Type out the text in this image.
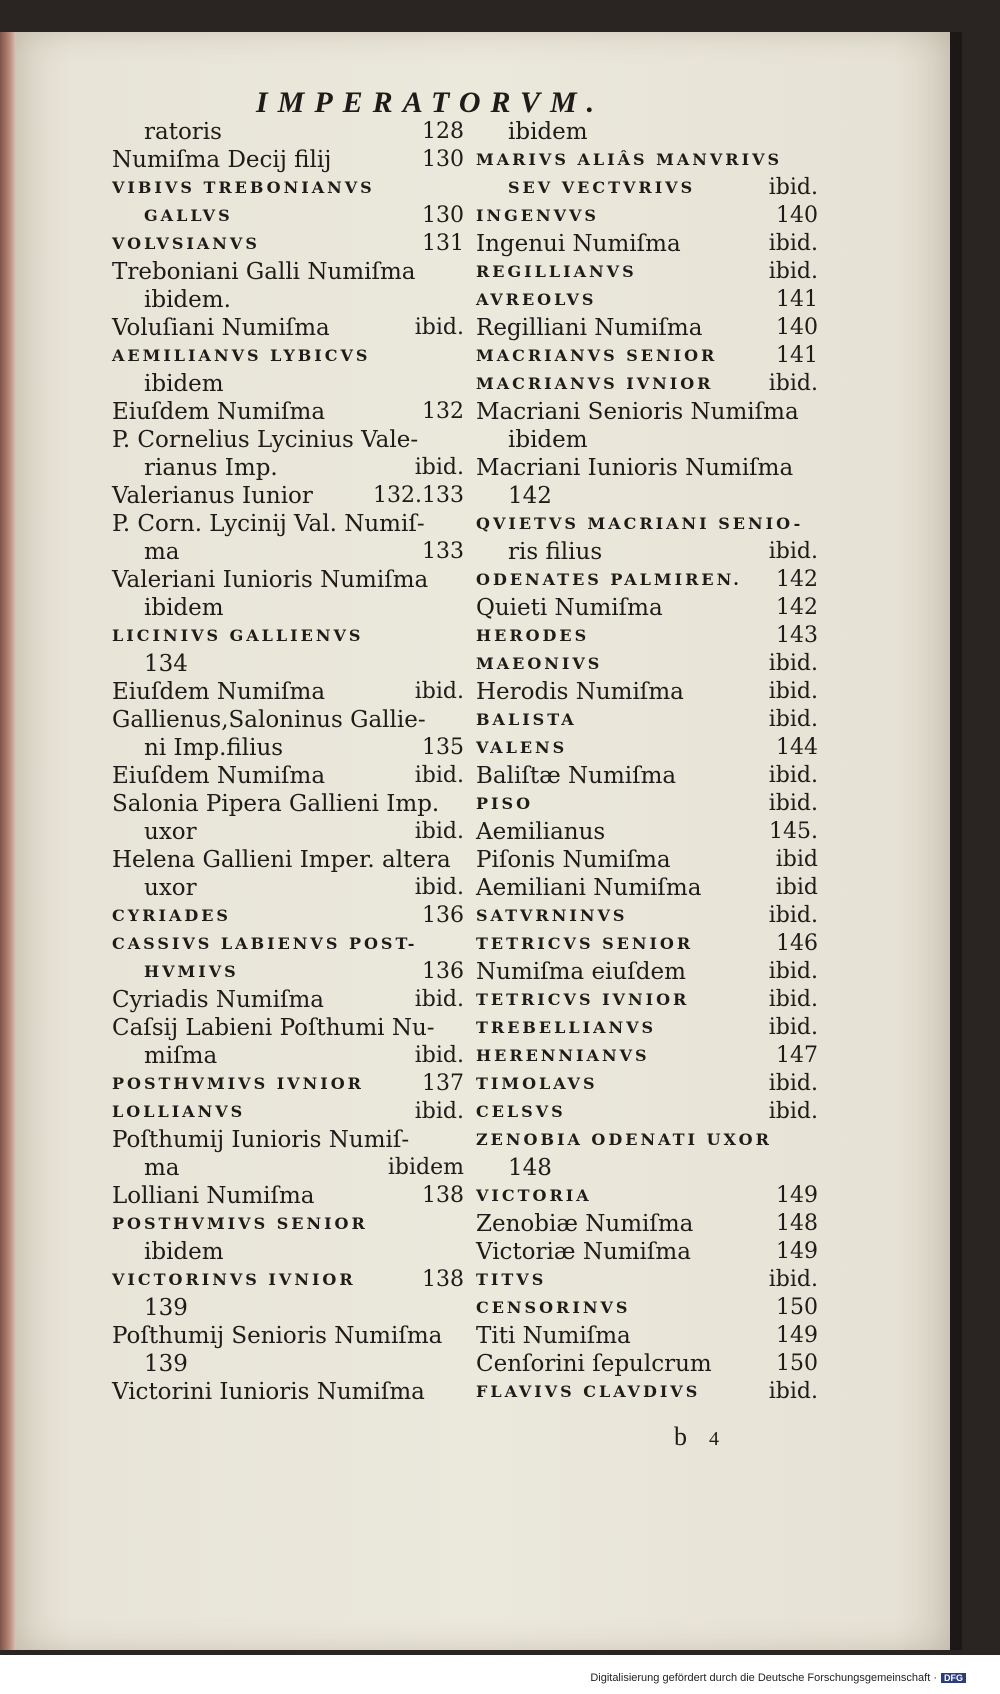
IMPERATORVM.
ratoris	128
Numiſma Decij filij	130
VIBIVS TREBONIANVS
GALLVS	130
VOLVSIANVS	131
Treboniani Galli Numiſma
ibidem.
Voluſiani Numiſma	ibid.
AEMILIANVS LYBICVS
ibidem
Eiuſdem Numiſma	132
P. Cornelius Lycinius Vale-
rianus Imp.	ibid.
Valerianus Iunior	132.133
P. Corn. Lycinij Val. Numiſ-
ma	133
Valeriani Iunioris Numiſma
ibidem
LICINIVS GALLIENVS
134
Eiuſdem Numiſma	ibid.
Gallienus,Saloninus Gallie-
ni Imp.filius	135
Eiuſdem Numiſma	ibid.
Salonia Pipera Gallieni Imp.
uxor	ibid.
Helena Gallieni Imper. altera
uxor	ibid.
CYRIADES	136
CASSIVS LABIENVS POST-
HVMIVS	136
Cyriadis Numiſma	ibid.
Caſsij Labieni Poſthumi Nu-
miſma	ibid.
POSTHVMIVS IVNIOR	137
LOLLIANVS	ibid.
Poſthumij Iunioris Numiſ-
ma	ibidem
Lolliani Numiſma	138
POSTHVMIVS SENIOR
ibidem
VICTORINVS IVNIOR	138
139
Poſthumij Senioris Numiſma
139
Victorini Iunioris Numiſma
ibidem
MARIVS ALIÂS MANVRIVS
SEV VECTVRIVS	ibid.
INGENVVS	140
Ingenui Numiſma	ibid.
REGILLIANVS	ibid.
AVREOLVS	141
Regilliani Numiſma	140
MACRIANVS SENIOR	141
MACRIANVS IVNIOR	ibid.
Macriani Senioris Numiſma
ibidem
Macriani Iunioris Numiſma
142
QVIETVS MACRIANI SENIO-
ris filius	ibid.
ODENATES PALMIREN. 142
Quieti Numiſma	142
HERODES	143
MAEONIVS	ibid.
Herodis Numiſma	ibid.
BALISTA	ibid.
VALENS	144
Baliſtæ Numiſma	ibid.
PISO	ibid.
Aemilianus	145.
Piſonis Numiſma	ibid
Aemiliani Numiſma	ibid
SATVRNINVS	ibid.
TETRICVS SENIOR	146
Numiſma eiuſdem	ibid.
TETRICVS IVNIOR	ibid.
TREBELLIANVS	ibid.
HERENNIANVS	147
TIMOLAVS	ibid.
CELSVS	ibid.
ZENOBIA ODENATI UXOR
148
VICTORIA	149
Zenobiæ Numiſma	148
Victoriæ Numiſma	149
TITVS	ibid.
CENSORINVS	150
Titi Numiſma	149
Cenſorini ſepulcrum	150
FLAVIVS CLAVDIVS	ibid.
b 4
Digitalisierung gefördert durch die Deutsche Forschungsgemeinschaft · DFG
